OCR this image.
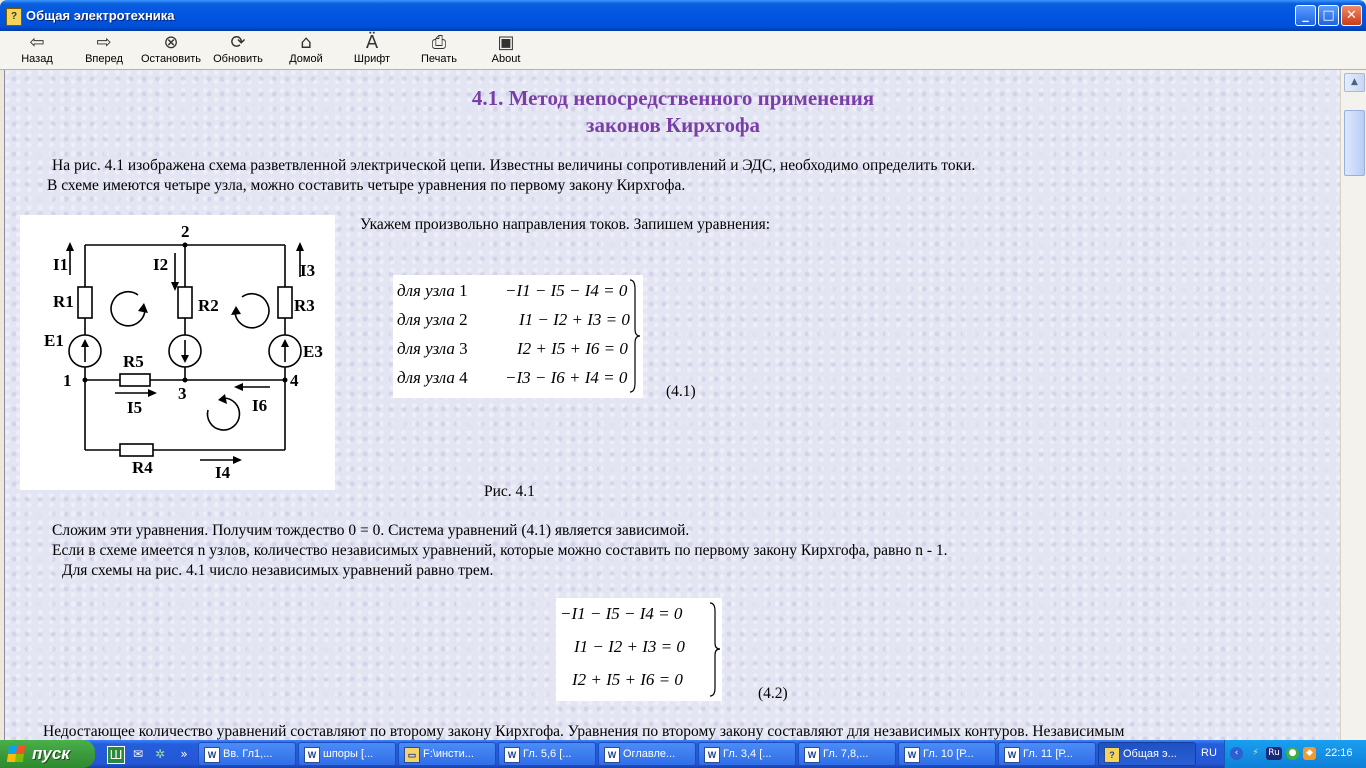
? Общая электротехника	_	□ ✕
⇦
Назад
⇨
Вперед
⊗
Остановить
⟳
Обновить
⌂
Домой
Ä
Шрифт
⎙
Печать
▣
About
4.1. Метод непосредственного применения
законов Кирхгофа
На рис. 4.1 изображена схема разветвленной электрической цепи. Известны величины сопротивлений и ЭДС, необходимо определить токи.
В схеме имеются четыре узла, можно составить четыре уравнения по первому закону Кирхгофа.
2
1
3
4
I1	I2	I3
I4
I5	I6
R1	R2	R3
R4
R5
E1
E3
Укажем произвольно направления токов. Запишем уравнения:
для узла 1 −I1 − I5 − I4 = 0
для узла 2	I1 − I2 + I3 = 0
для узла 3	I2 + I5 + I6 = 0
для узла 4 −I3 − I6 + I4 = 0
(4.1)
Рис. 4.1
Сложим эти уравнения. Получим тождество 0 = 0. Система уравнений (4.1) является зависимой.
Если в схеме имеется n узлов, количество независимых уравнений, которые можно составить по первому закону Кирхгофа, равно n - 1.
Для схемы на рис. 4.1 число независимых уравнений равно трем.
−I1 − I5 − I4 = 0
I1 − I2 + I3 = 0
I2 + I5 + I6 = 0
(4.2)
Недостающее количество уравнений составляют по второму закону Кирхгофа. Уравнения по второму закону составляют для независимых контуров. Независимым
▲
пуск	Ш ✉ ✲	»	W Вв. Гл1,...	W шпоры [...	▭ F:\инсти...	W Гл. 5,6 [...	W Оглавле...	W Гл. 3,4 [...	W Гл. 7,8,...	W Гл. 10 [Р...	W Гл. 11 [Р...	? Общая э... RU	‹	⚡	Ru ●	◆ 22:16
